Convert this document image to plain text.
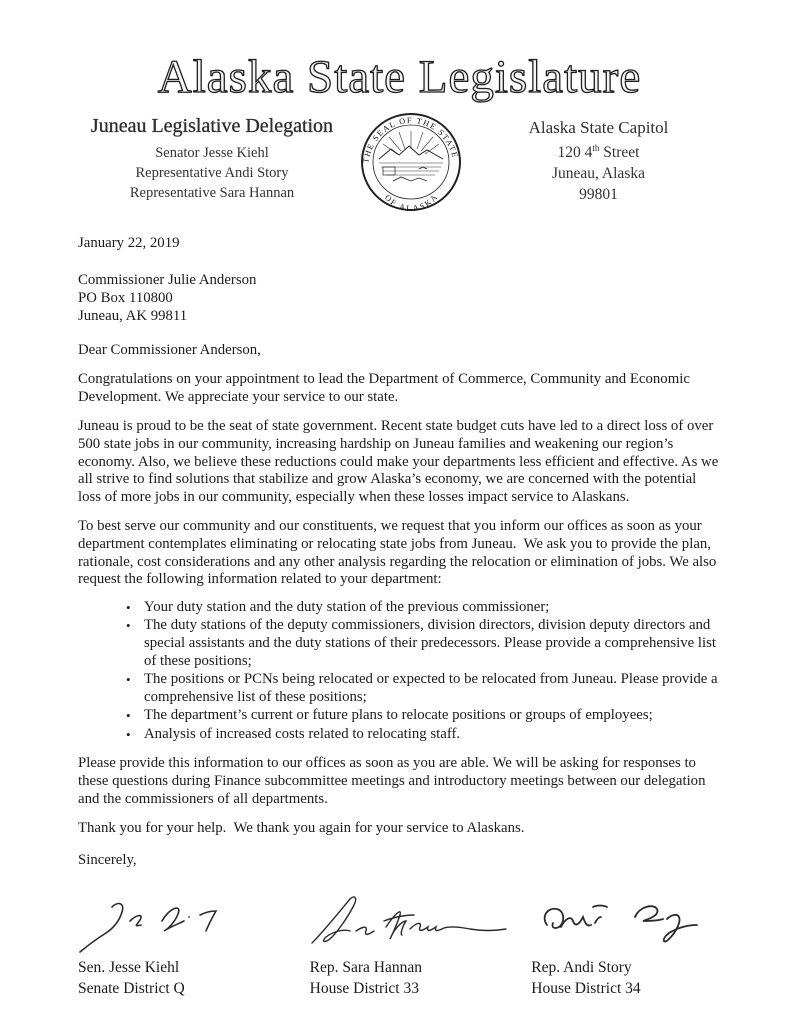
Alaska State Legislature
Juneau Legislative Delegation
Senator Jesse Kiehl
Representative Andi Story
Representative Sara Hannan
THE SEAL OF THE STATE
OF ALASKA
Alaska State Capitol
120 4th Street
Juneau, Alaska
99801
January 22, 2019
Commissioner Julie Anderson
PO Box 110800
Juneau, AK 99811
Dear Commissioner Anderson,

Congratulations on your appointment to lead the Department of Commerce, Community and Economic Development. We appreciate your service to our state.

Juneau is proud to be the seat of state government. Recent state budget cuts have led to a direct loss of over 500 state jobs in our community, increasing hardship on Juneau families and weakening our region’s economy. Also, we believe these reductions could make your departments less efficient and effective. As we all strive to find solutions that stabilize and grow Alaska’s economy, we are concerned with the potential loss of more jobs in our community, especially when these losses impact service to Alaskans.

To best serve our community and our constituents, we request that you inform our offices as soon as your department contemplates eliminating or relocating state jobs from Juneau.  We ask you to provide the plan, rationale, cost considerations and any other analysis regarding the relocation or elimination of jobs. We also request the following information related to your department:

• Your duty station and the duty station of the previous commissioner;
• The duty stations of the deputy commissioners, division directors, division deputy directors and special assistants and the duty stations of their predecessors. Please provide a comprehensive list of these positions;
• The positions or PCNs being relocated or expected to be relocated from Juneau. Please provide a comprehensive list of these positions;
• The department’s current or future plans to relocate positions or groups of employees;
• Analysis of increased costs related to relocating staff.

Please provide this information to our offices as soon as you are able. We will be asking for responses to these questions during Finance subcommittee meetings and introductory meetings between our delegation and the commissioners of all departments.

Thank you for your help.  We thank you again for your service to Alaskans.

Sincerely,
Sen. Jesse Kiehl
Senate District Q
Rep. Sara Hannan
House District 33
Rep. Andi Story
House District 34
